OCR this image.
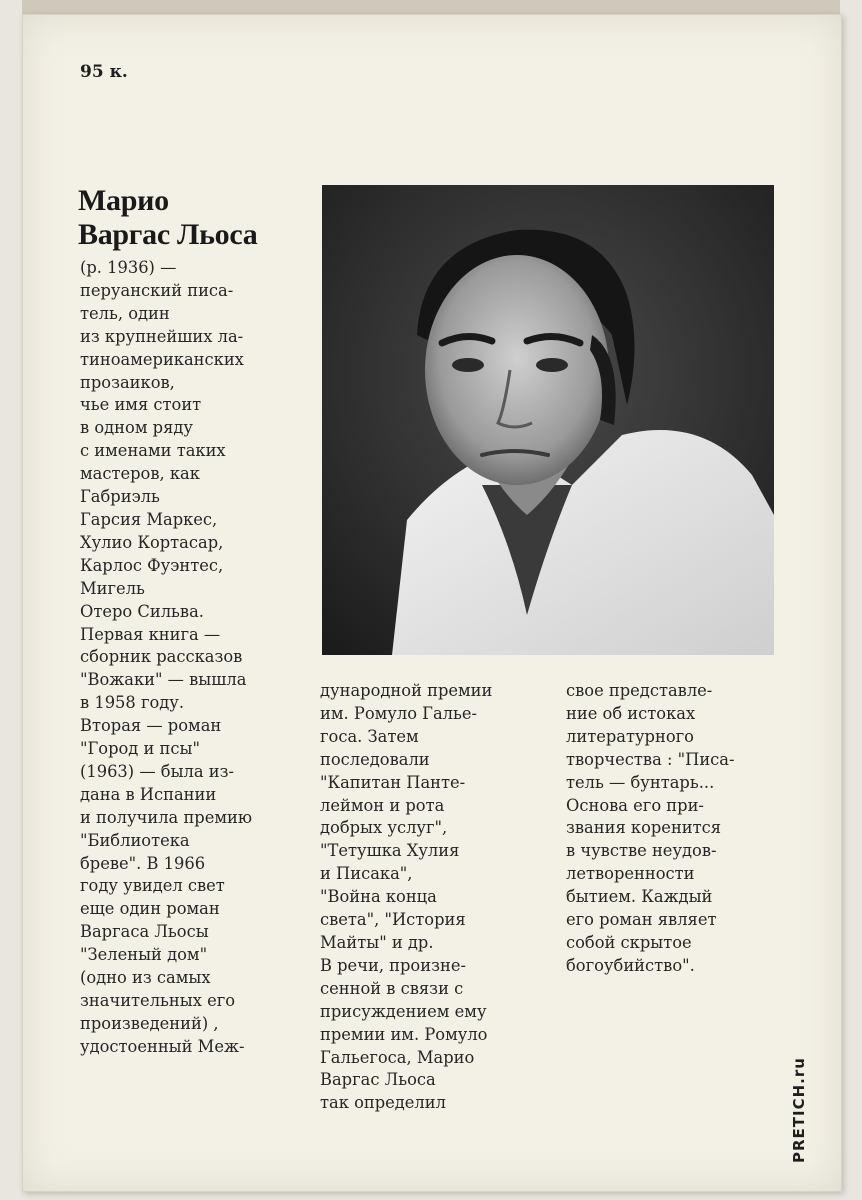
95 к.
Марио
Варгас Льоса
(р. 1936) —
перуанский писа-
тель, один
из крупнейших ла-
тиноамериканских
прозаиков,
чье имя стоит
в одном ряду
с именами таких
мастеров, как
Габриэль
Гарсия Маркес,
Хулио Кортасар,
Карлос Фуэнтес,
Мигель
Отеро Сильва.
Первая книга —
сборник рассказов
"Вожаки" — вышла
в 1958 году.
Вторая — роман
"Город и псы"
(1963) — была из-
дана в Испании
и получила премию
"Библиотека
бреве". В 1966
году увидел свет
еще один роман
Варгаса Льосы
"Зеленый дом"
(одно из самых
значительных его
произведений) ,
удостоенный Меж-
дународной премии
им. Ромуло Галье-
госа. Затем
последовали
"Капитан Панте-
леймон и рота
добрых услуг",
"Тетушка Хулия
и Писака",
"Война конца
света", "История
Майты" и др.
В речи, произне-
сенной в связи с
присуждением ему
премии им. Ромуло
Гальегоса, Марио
Варгас Льоса
так определил
свое представле-
ние об истоках
литературного
творчества : "Писа-
тель — бунтарь...
Основа его при-
звания коренится
в чувстве неудов-
летворенности
бытием. Каждый
его роман являет
собой скрытое
богоубийство".
PRETICH.ru
